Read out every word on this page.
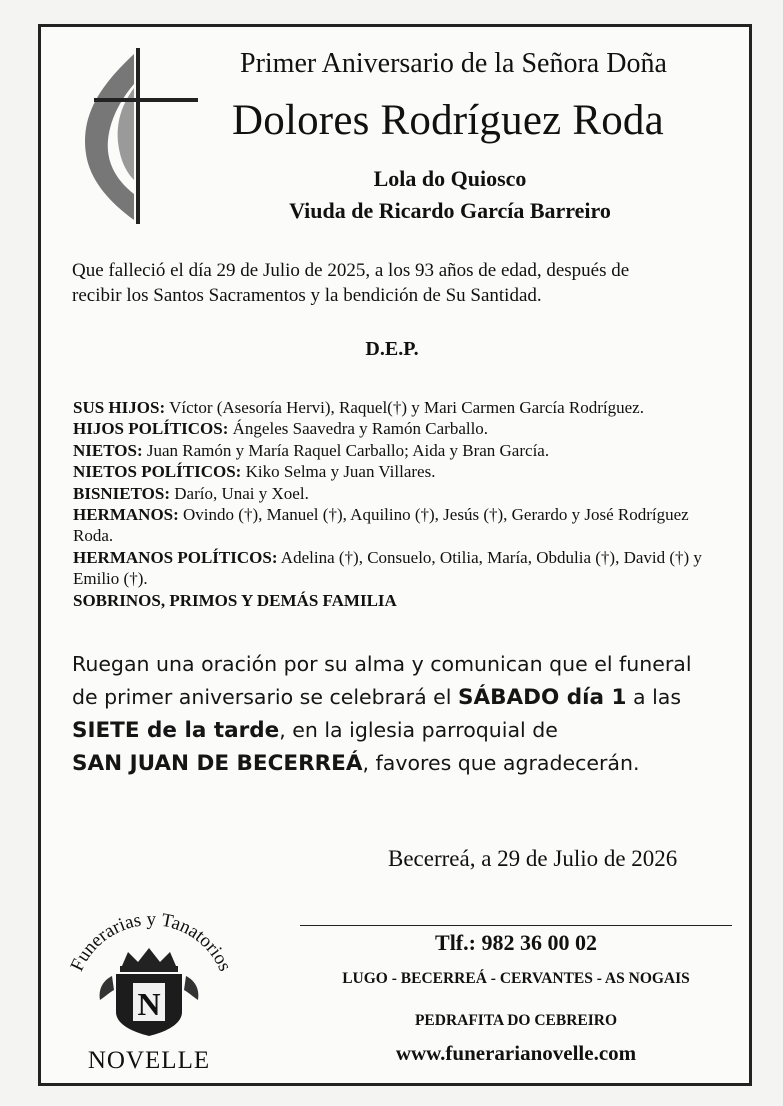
Primer Aniversario de la Señora Doña
Dolores Rodríguez Roda
Lola do Quiosco
Viuda de Ricardo García Barreiro
Que falleció el día 29 de Julio de 2025, a los 93 años de edad, después de
recibir los Santos Sacramentos y la bendición de Su Santidad.
D.E.P.
SUS HIJOS: Víctor (Asesoría Hervi), Raquel(†) y Mari Carmen García Rodríguez.
HIJOS POLÍTICOS: Ángeles Saavedra y Ramón Carballo.
NIETOS: Juan Ramón y María Raquel Carballo; Aida y Bran García.
NIETOS POLÍTICOS: Kiko Selma y Juan Villares.
BISNIETOS: Darío, Unai y Xoel.
HERMANOS: Ovindo (†), Manuel (†), Aquilino (†), Jesús (†), Gerardo y José Rodríguez Roda.
HERMANOS POLÍTICOS: Adelina (†), Consuelo, Otilia, María, Obdulia (†), David (†) y Emilio (†).
SOBRINOS, PRIMOS Y DEMÁS FAMILIA
Ruegan una oración por su alma y comunican que el funeral
de primer aniversario se celebrará el SÁBADO día 1 a las
SIETE de la tarde, en la iglesia parroquial de
SAN JUAN DE BECERREÁ, favores que agradecerán.
Becerreá, a 29 de Julio de 2026
Funerarias y Tanatorios
N
NOVELLE
Tlf.: 982 36 00 02
LUGO - BECERREÁ - CERVANTES - AS NOGAIS
PEDRAFITA DO CEBREIRO
www.funerarianovelle.com
